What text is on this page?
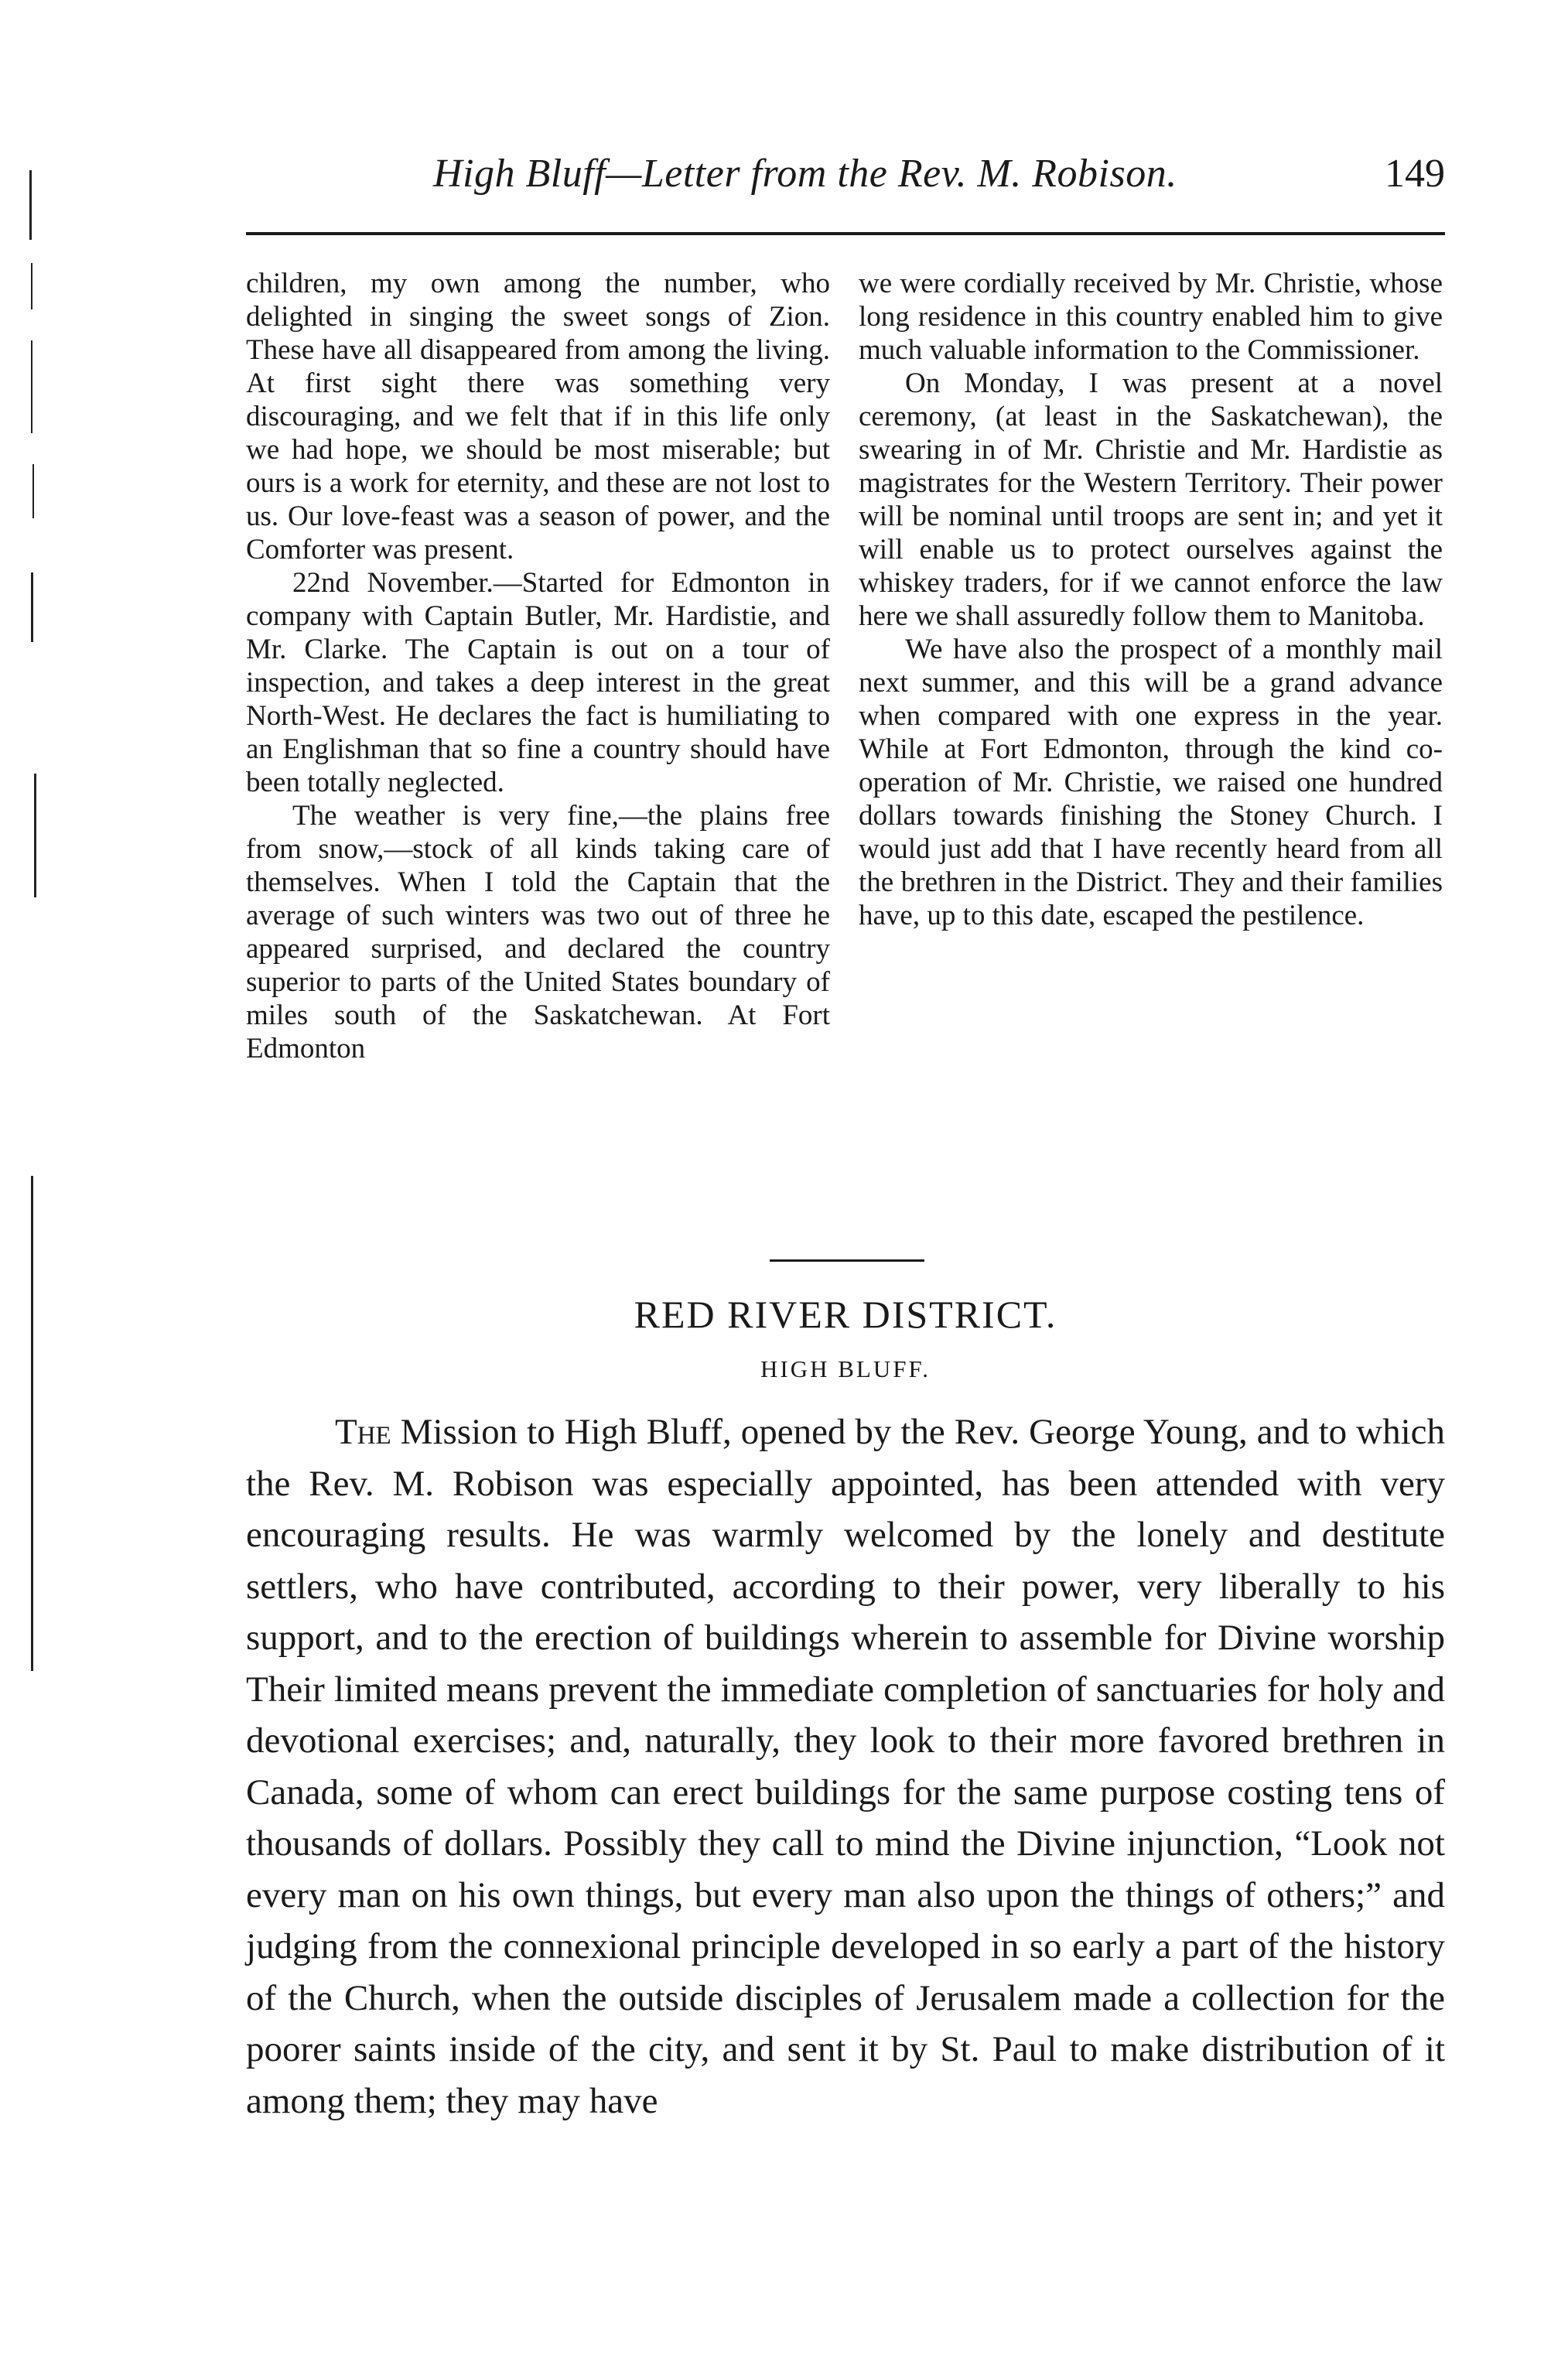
High Bluff—Letter from the Rev. M. Robison.	149

children, my own among the number, who delighted in singing the sweet songs of Zion. These have all disappeared from among the living. At first sight there was something very discouraging, and we felt that if in this life only we had hope, we should be most miserable; but ours is a work for eternity, and these are not lost to us. Our love-feast was a season of power, and the Comforter was present.

22nd November.—Started for Edmonton in company with Captain Butler, Mr. Hardistie, and Mr. Clarke. The Captain is out on a tour of inspection, and takes a deep interest in the great North-West. He declares the fact is humiliating to an Englishman that so fine a country should have been totally neglected.

The weather is very fine,—the plains free from snow,—stock of all kinds taking care of themselves. When I told the Captain that the average of such winters was two out of three he appeared surprised, and declared the country superior to parts of the United States boundary of miles south of the Saskatchewan. At Fort Edmonton

we were cordially received by Mr. Christie, whose long residence in this country enabled him to give much valuable information to the Commissioner.

On Monday, I was present at a novel ceremony, (at least in the Saskatchewan), the swearing in of Mr. Christie and Mr. Hardistie as magistrates for the Western Territory. Their power will be nominal until troops are sent in; and yet it will enable us to protect ourselves against the whiskey traders, for if we cannot enforce the law here we shall assuredly follow them to Manitoba.

We have also the prospect of a monthly mail next summer, and this will be a grand advance when compared with one express in the year. While at Fort Edmonton, through the kind co-operation of Mr. Christie, we raised one hundred dollars towards finishing the Stoney Church. I would just add that I have recently heard from all the brethren in the District. They and their families have, up to this date, escaped the pestilence.

RED RIVER DISTRICT.
HIGH BLUFF.

The Mission to High Bluff, opened by the Rev. George Young, and to which the Rev. M. Robison was especially appointed, has been attended with very encouraging results. He was warmly welcomed by the lonely and destitute settlers, who have contributed, according to their power, very liberally to his support, and to the erection of buildings wherein to assemble for Divine worship Their limited means prevent the immediate completion of sanctuaries for holy and devotional exercises; and, naturally, they look to their more favored brethren in Canada, some of whom can erect buildings for the same purpose costing tens of thousands of dollars. Possibly they call to mind the Divine injunction, “Look not every man on his own things, but every man also upon the things of others;” and judging from the connexional principle developed in so early a part of the history of the Church, when the outside disciples of Jerusalem made a collection for the poorer saints inside of the city, and sent it by St. Paul to make distribution of it among them; they may have
